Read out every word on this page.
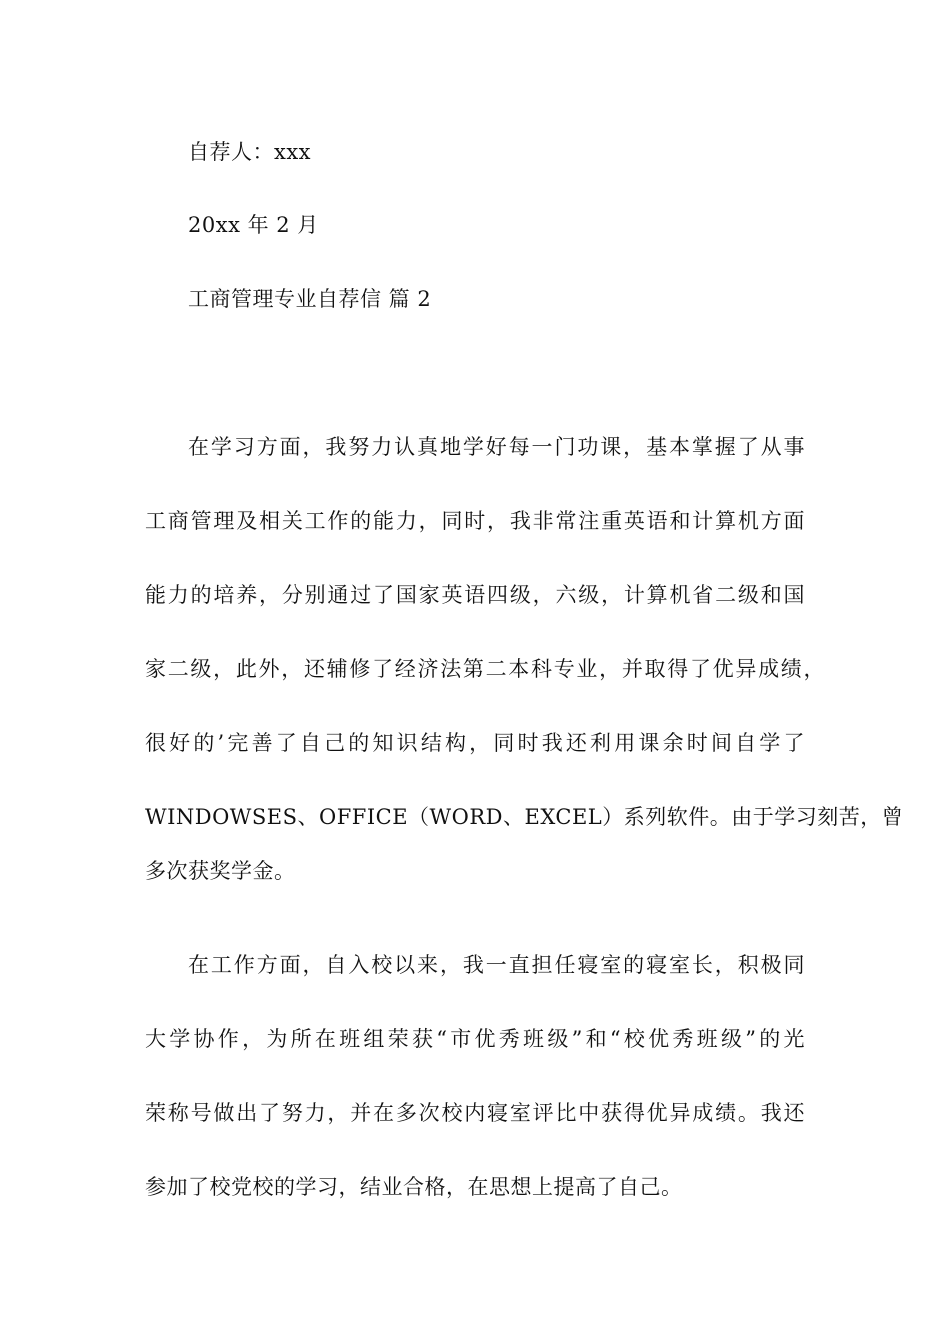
自荐人：xxx
20xx 年 2 月
工商管理专业自荐信 篇 2
在学习方面，我努力认真地学好每一门功课，基本掌握了从事
工商管理及相关工作的能力，同时，我非常注重英语和计算机方面
能力的培养，分别通过了国家英语四级，六级，计算机省二级和国
家二级，此外，还辅修了经济法第二本科专业，并取得了优异成绩，
很好的’完善了自己的知识结构，同时我还利用课余时间自学了
WINDOWSES、OFFICE（WORD、EXCEL）系列软件。由于学习刻苦，曾
多次获奖学金。
在工作方面，自入校以来，我一直担任寝室的寝室长，积极同
大学协作，为所在班组荣获“市优秀班级”和“校优秀班级”的光
荣称号做出了努力，并在多次校内寝室评比中获得优异成绩。我还
参加了校党校的学习，结业合格，在思想上提高了自己。
